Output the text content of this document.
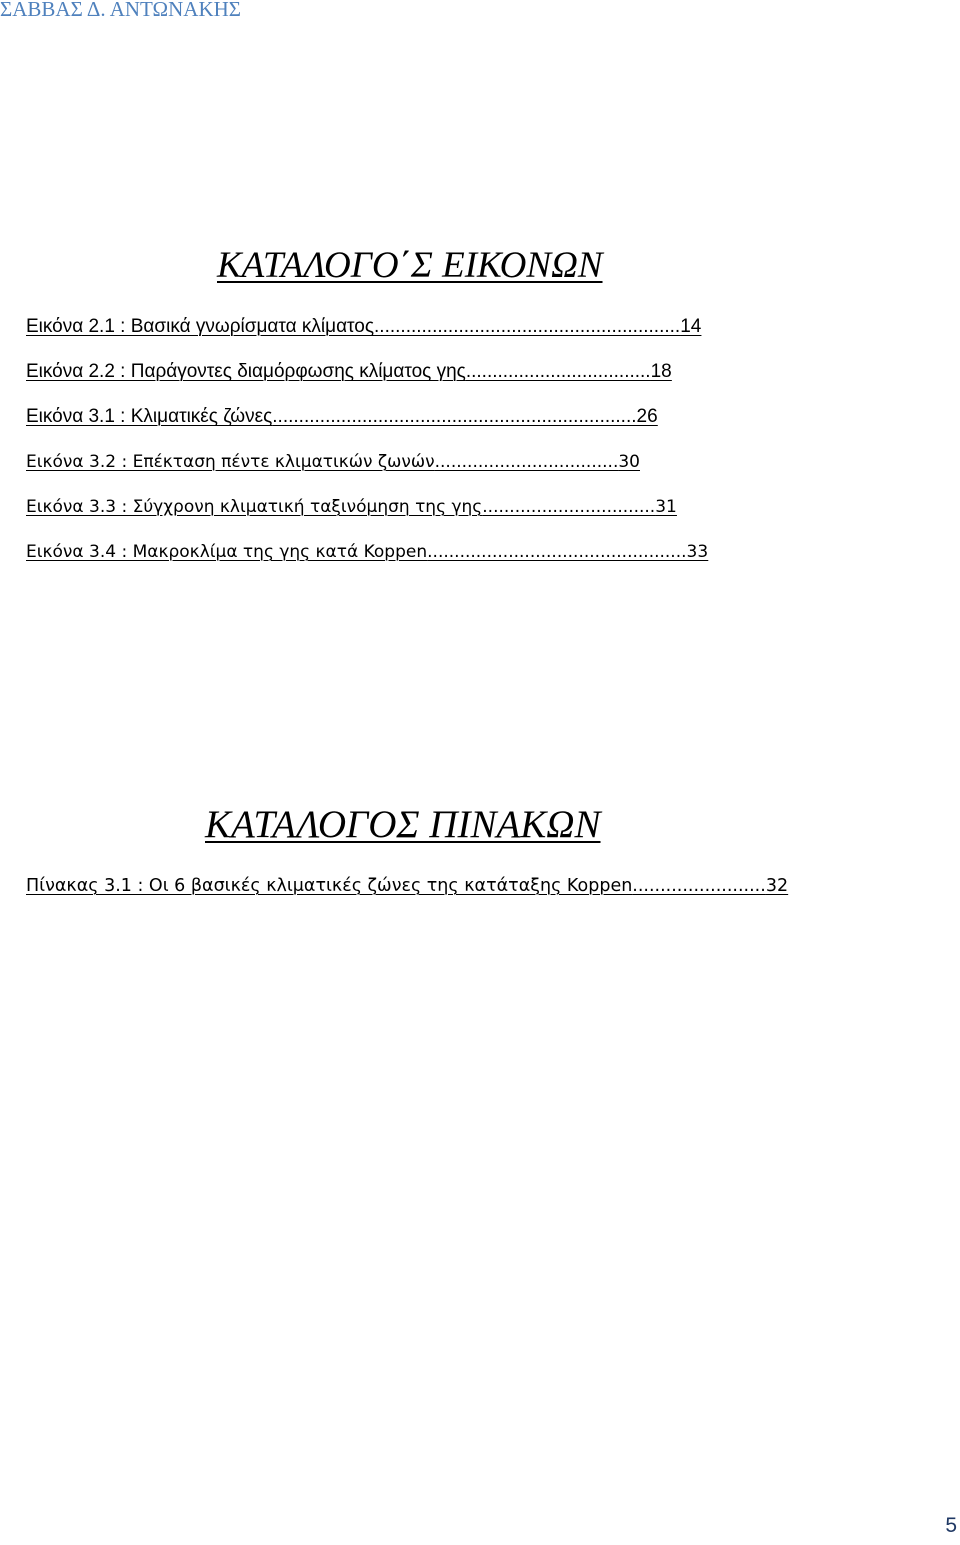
ΣΑΒΒΑΣ Δ. ΑΝΤΩΝΑΚΗΣ
ΚΑΤΑΛΟΓΟ΄Σ ΕΙΚΟΝΩΝ
Εικόνα 2.1 : Βασικά γνωρίσματα κλίματος..........................................................14
Εικόνα 2.2 : Παράγοντες διαμόρφωσης κλίματος γης...................................18
Εικόνα 3.1 : Κλιματικές ζώνες.....................................................................26
Εικόνα 3.2 : Επέκταση πέντε κλιματικών ζωνών..................................30
Εικόνα 3.3 : Σύγχρονη κλιματική ταξινόμηση της γης................................31
Εικόνα 3.4 : Μακροκλίμα της γης κατά Koppen................................................33
ΚΑΤΑΛΟΓΟΣ ΠΙΝΑΚΩΝ
Πίνακας 3.1 : Οι 6 βασικές κλιματικές ζώνες της κατάταξης Koppen........................32
5
